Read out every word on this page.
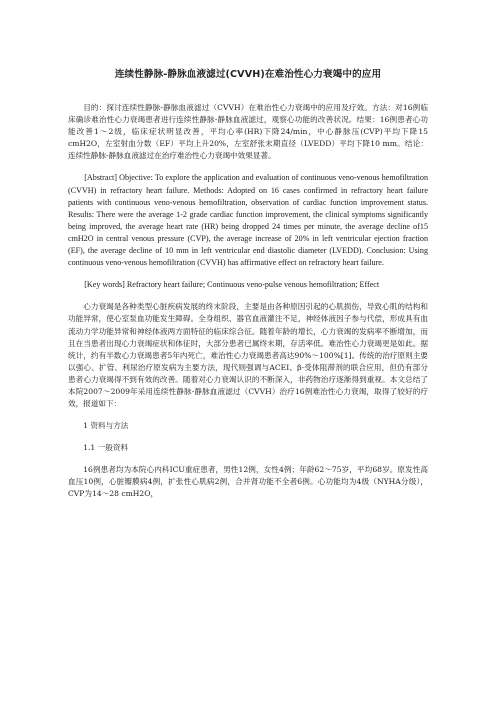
连续性静脉-静脉血液滤过(CVVH)在难治性心力衰竭中的应用

目的：探讨连续性静脉-静脉血液滤过（CVVH）在难治性心力衰竭中的应用及疗效。方法：对16例临床确诊难治性心力衰竭患者进行连续性静脉-静脉血液滤过，观察心功能的改善状况。结果：16例患者心功能改善1～2级，临床症状明显改善，平均心率(HR)下降24/min，中心静脉压(CVP)平均下降15 cmH2O，左室射血分数（EF）平均上升20%，左室舒张末期直径（LVEDD）平均下降10 mm。结论：连续性静脉-静脉血液滤过在治疗难治性心力衰竭中效果显著。

[Abstract] Objective: To explore the application and evaluation of continuous veno-venous hemofiltration (CVVH) in refractory heart failure. Methods: Adopted on 16 cases confirmed in refractory heart failure patients with continuous veno-venous hemofiltration, observation of cardiac function improvement status. Results: There were the average 1-2 grade cardiac function improvement, the clinical symptoms significantly being improved, the average heart rate (HR) being dropped 24 times per minute, the average decline of15 cmH2O in central venous pressure (CVP), the average increase of 20% in left ventricular ejection fraction (EF), the average decline of 10 mm in left ventricular end diastolic diameter (LVEDD). Conclusion: Using continuous veno-venous hemofiltration (CVVH) has affirmative effect on refractory heart failure.

[Key words] Refractory heart failure; Continuous veno-pulse venous hemofiltration; Effect

心力衰竭是各种类型心脏疾病发展的终末阶段，主要是由各种原因引起的心肌损伤，导致心肌的结构和功能异常，使心室泵血功能发生障碍。全身组织、器官血液灌注不足，神经体液因子参与代偿，形成具有血流动力学功能异常和神经体液两方面特征的临床综合征。随着年龄的增长，心力衰竭的发病率不断增加，而且在当患者出现心力衰竭症状和体征时，大部分患者已属终末期，存活率低。难治性心力衰竭更是如此。据统计，约有半数心力衰竭患者5年内死亡，难治性心力衰竭患者高达90%～100%[1]。传统的治疗原则主要以强心、扩管、利尿治疗原发病为主要方法，现代则强调与ACEI、β-受体阻滞剂的联合应用，但仍有部分患者心力衰竭得不到有效的改善。随着对心力衰竭认识的不断深入，非药物治疗逐渐得到重视。本文总结了本院2007～2009年采用连续性静脉-静脉血液滤过（CVVH）治疗16例难治性心力衰竭，取得了较好的疗效，报道如下：

1 资料与方法

1.1 一般资料

16例患者均为本院心内科ICU重症患者，男性12例，女性4例；年龄62～75岁，平均68岁。原发性高血压10例，心脏瓣膜病4例，扩张性心肌病2例，合并肾功能不全者6例。心功能均为4级（NYHA分级），CVP为14～28 cmH2O，
